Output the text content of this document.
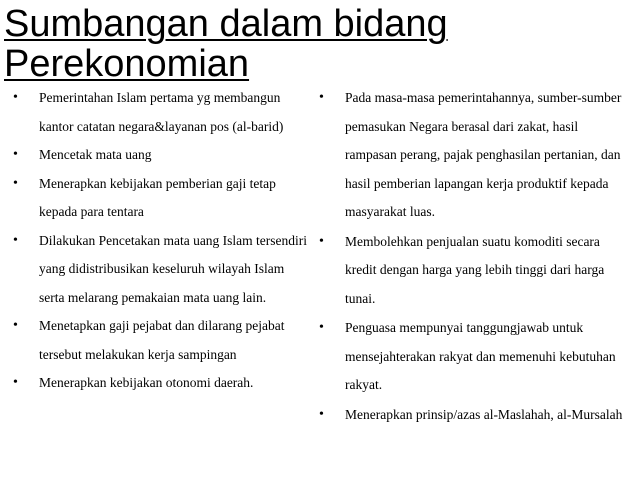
Sumbangan dalam bidang
Perekonomian
• Pemerintahan Islam pertama yg membangun kantor catatan negara&layanan pos (al-barid)
• Mencetak mata uang
• Menerapkan kebijakan pemberian gaji tetap kepada para tentara
• Dilakukan Pencetakan mata uang Islam tersendiri yang didistribusikan keseluruh wilayah Islam serta melarang pemakaian mata uang lain.
• Menetapkan gaji pejabat dan dilarang pejabat tersebut melakukan kerja sampingan
• Menerapkan kebijakan otonomi daerah.
• Pada masa-masa pemerintahannya, sumber-sumber pemasukan Negara berasal dari zakat, hasil rampasan perang, pajak penghasilan pertanian, dan hasil pemberian lapangan kerja produktif kepada masyarakat luas.
• Membolehkan penjualan suatu komoditi secara kredit dengan harga yang lebih tinggi dari harga tunai.
• Penguasa mempunyai tanggungjawab untuk mensejahterakan rakyat dan memenuhi kebutuhan rakyat.
• Menerapkan prinsip/azas al-Maslahah, al-Mursalah
